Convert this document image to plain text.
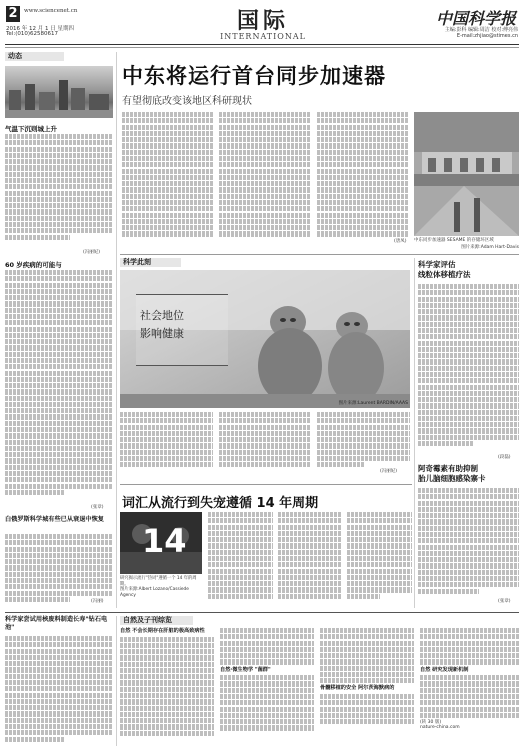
2	www.sciencenet.cn
2016 年 12 月 1 日 星期四
Tel:(010)62580617	国际
INTERNATIONAL
中国科学报
主编:彭科 编辑:周洁 校对:傅亮伟
E-mail:zhjiao@stimes.cn
动态
气温下沉则城上升
(冯丽妃)
60 岁疾病的可能与
(张章)
白俄罗斯科学城有些已从衰退中恢复
(冯丽)
中东将运行首台同步加速器
有望彻底改变该地区科研现状
中东同步加速器 SESAME 的存储环区域
图片来源:Adam Hart-Davis
(唐凤)
科学此刻
社会地位
影响健康
图片来源:Laurent BARDIN/AAAS
(冯丽妃)
科学家评估
线粒体移植疗法
(段磊)
阿奇霉素有助抑制
胎儿脑细胞感染寨卡
(张章)
词汇从流行到失宠遵循 14 年周期
14
研究揭示流行"热词"遵循一个 14 年的周期。
图片来源:Albert Lozano/Cassiede Agency
科学家尝试用核废料制造长寿"钻石电池"
自然及子刊综览
自然 不会长期存在肝脏的极高致病性
自然·微生物学 "菌群"
骨髓移植的安全 阿尔茨海默病的
自然 研究发现新机制
(转 30 版)
nature-china.com
